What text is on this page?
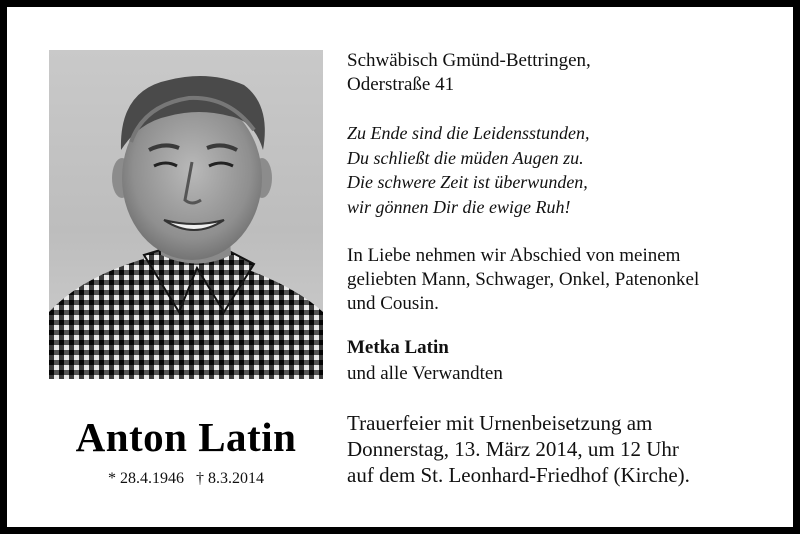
Anton Latin
* 28.4.1946 † 8.3.2014
Schwäbisch Gmünd-Bettringen,
Oderstraße 41
Zu Ende sind die Leidensstunden,
Du schließt die müden Augen zu.
Die schwere Zeit ist überwunden,
wir gönnen Dir die ewige Ruh!
In Liebe nehmen wir Abschied von meinem
geliebten Mann, Schwager, Onkel, Patenonkel
und Cousin.
Metka Latin
und alle Verwandten
Trauerfeier mit Urnenbeisetzung am
Donnerstag, 13. März 2014, um 12 Uhr
auf dem St. Leonhard-Friedhof (Kirche).
